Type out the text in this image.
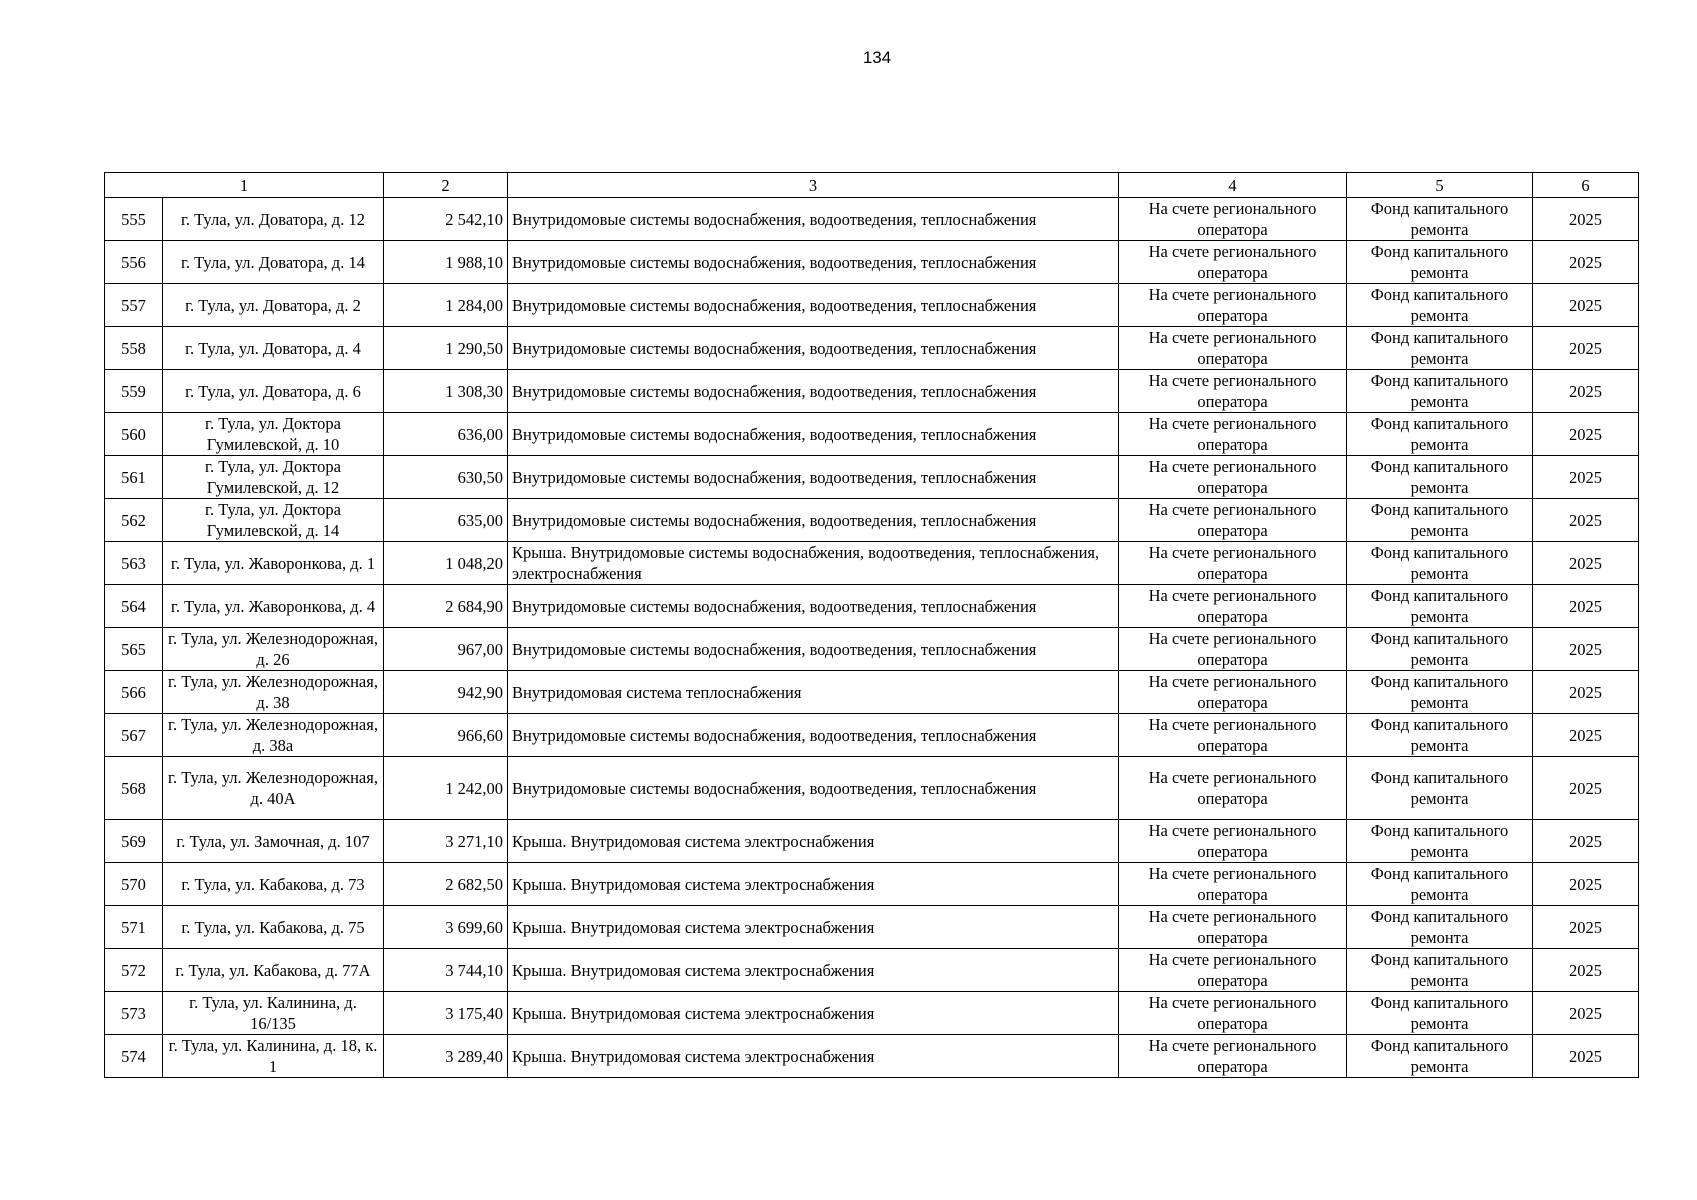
134
1		2	3	4	5	6
555	г. Тула, ул. Доватора, д. 12	2 542,10	Внутридомовые системы водоснабжения, водоотведения, теплоснабжения	На счете регионального оператора	Фонд капитального ремонта	2025
556	г. Тула, ул. Доватора, д. 14	1 988,10	Внутридомовые системы водоснабжения, водоотведения, теплоснабжения	На счете регионального оператора	Фонд капитального ремонта	2025
557	г. Тула, ул. Доватора, д. 2	1 284,00	Внутридомовые системы водоснабжения, водоотведения, теплоснабжения	На счете регионального оператора	Фонд капитального ремонта	2025
558	г. Тула, ул. Доватора, д. 4	1 290,50	Внутридомовые системы водоснабжения, водоотведения, теплоснабжения	На счете регионального оператора	Фонд капитального ремонта	2025
559	г. Тула, ул. Доватора, д. 6	1 308,30	Внутридомовые системы водоснабжения, водоотведения, теплоснабжения	На счете регионального оператора	Фонд капитального ремонта	2025
560	г. Тула, ул. Доктора Гумилевской, д. 10	636,00	Внутридомовые системы водоснабжения, водоотведения, теплоснабжения	На счете регионального оператора	Фонд капитального ремонта	2025
561	г. Тула, ул. Доктора Гумилевской, д. 12	630,50	Внутридомовые системы водоснабжения, водоотведения, теплоснабжения	На счете регионального оператора	Фонд капитального ремонта	2025
562	г. Тула, ул. Доктора Гумилевской, д. 14	635,00	Внутридомовые системы водоснабжения, водоотведения, теплоснабжения	На счете регионального оператора	Фонд капитального ремонта	2025
563	г. Тула, ул. Жаворонкова, д. 1	1 048,20	Крыша. Внутридомовые системы водоснабжения, водоотведения, теплоснабжения, электроснабжения	На счете регионального оператора	Фонд капитального ремонта	2025
564	г. Тула, ул. Жаворонкова, д. 4	2 684,90	Внутридомовые системы водоснабжения, водоотведения, теплоснабжения	На счете регионального оператора	Фонд капитального ремонта	2025
565	г. Тула, ул. Железнодорожная, д. 26	967,00	Внутридомовые системы водоснабжения, водоотведения, теплоснабжения	На счете регионального оператора	Фонд капитального ремонта	2025
566	г. Тула, ул. Железнодорожная, д. 38	942,90	Внутридомовая система теплоснабжения	На счете регионального оператора	Фонд капитального ремонта	2025
567	г. Тула, ул. Железнодорожная, д. 38а	966,60	Внутридомовые системы водоснабжения, водоотведения, теплоснабжения	На счете регионального оператора	Фонд капитального ремонта	2025
568	г. Тула, ул. Железнодорожная, д. 40А	1 242,00	Внутридомовые системы водоснабжения, водоотведения, теплоснабжения	На счете регионального оператора	Фонд капитального ремонта	2025
569	г. Тула, ул. Замочная, д. 107	3 271,10	Крыша. Внутридомовая система электроснабжения	На счете регионального оператора	Фонд капитального ремонта	2025
570	г. Тула, ул. Кабакова, д. 73	2 682,50	Крыша. Внутридомовая система электроснабжения	На счете регионального оператора	Фонд капитального ремонта	2025
571	г. Тула, ул. Кабакова, д. 75	3 699,60	Крыша. Внутридомовая система электроснабжения	На счете регионального оператора	Фонд капитального ремонта	2025
572	г. Тула, ул. Кабакова, д. 77А	3 744,10	Крыша. Внутридомовая система электроснабжения	На счете регионального оператора	Фонд капитального ремонта	2025
573	г. Тула, ул. Калинина, д. 16/135	3 175,40	Крыша. Внутридомовая система электроснабжения	На счете регионального оператора	Фонд капитального ремонта	2025
574	г. Тула, ул. Калинина, д. 18, к. 1	3 289,40	Крыша. Внутридомовая система электроснабжения	На счете регионального оператора	Фонд капитального ремонта	2025
